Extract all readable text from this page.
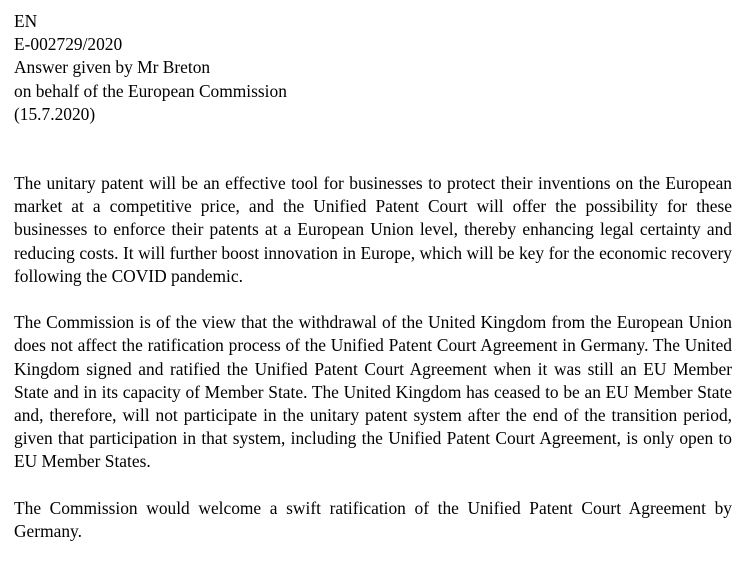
EN
E-002729/2020
Answer given by Mr Breton
on behalf of the European Commission
(15.7.2020)

The unitary patent will be an effective tool for businesses to protect their inventions on the European market at a competitive price, and the Unified Patent Court will offer the possibility for these businesses to enforce their patents at a European Union level, thereby enhancing legal certainty and reducing costs. It will further boost innovation in Europe, which will be key for the economic recovery following the COVID pandemic.

The Commission is of the view that the withdrawal of the United Kingdom from the European Union does not affect the ratification process of the Unified Patent Court Agreement in Germany. The United Kingdom signed and ratified the Unified Patent Court Agreement when it was still an EU Member State and in its capacity of Member State. The United Kingdom has ceased to be an EU Member State and, therefore, will not participate in the unitary patent system after the end of the transition period, given that participation in that system, including the Unified Patent Court Agreement, is only open to EU Member States.

The Commission would welcome a swift ratification of the Unified Patent Court Agreement by Germany.
